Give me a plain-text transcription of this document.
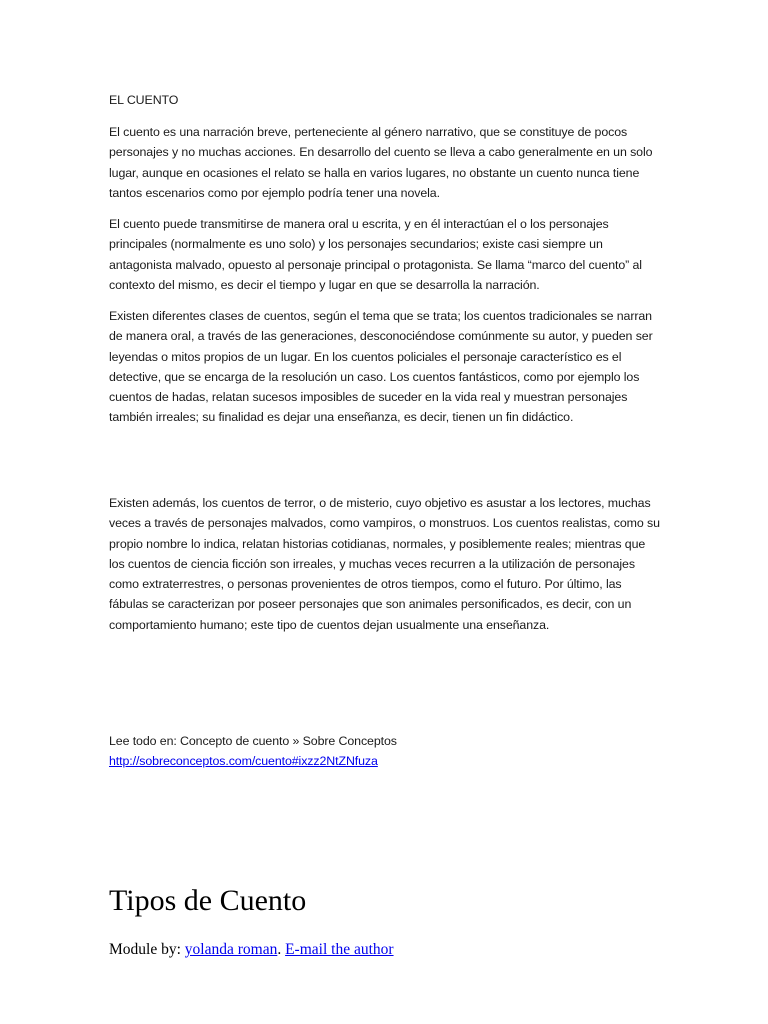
EL CUENTO

El cuento es una narración breve, perteneciente al género narrativo, que se constituye de pocos personajes y no muchas acciones. En desarrollo del cuento se lleva a cabo generalmente en un solo lugar, aunque en ocasiones el relato se halla en varios lugares, no obstante un cuento nunca tiene tantos escenarios como por ejemplo podría tener una novela.

El cuento puede transmitirse de manera oral u escrita, y en él interactúan el o los personajes principales (normalmente es uno solo) y los personajes secundarios; existe casi siempre un antagonista malvado, opuesto al personaje principal o protagonista. Se llama “marco del cuento” al contexto del mismo, es decir el tiempo y lugar en que se desarrolla la narración.

Existen diferentes clases de cuentos, según el tema que se trata; los cuentos tradicionales se narran de manera oral, a través de las generaciones, desconociéndose comúnmente su autor, y pueden ser leyendas o mitos propios de un lugar. En los cuentos policiales el personaje característico es el detective, que se encarga de la resolución un caso. Los cuentos fantásticos, como por ejemplo los cuentos de hadas, relatan sucesos imposibles de suceder en la vida real y muestran personajes también irreales; su finalidad es dejar una enseñanza, es decir, tienen un fin didáctico.

Existen además, los cuentos de terror, o de misterio, cuyo objetivo es asustar a los lectores, muchas veces a través de personajes malvados, como vampiros, o monstruos. Los cuentos realistas, como su propio nombre lo indica, relatan historias cotidianas, normales, y posiblemente reales; mientras que los cuentos de ciencia ficción son irreales, y muchas veces recurren a la utilización de personajes como extraterrestres, o personas provenientes de otros tiempos, como el futuro. Por último, las fábulas se caracterizan por poseer personajes que son animales personificados, es decir, con un comportamiento humano; este tipo de cuentos dejan usualmente una enseñanza.

Lee todo en: Concepto de cuento » Sobre Conceptos

http://sobreconceptos.com/cuento#ixzz2NtZNfuza

Tipos de Cuento

Module by: yolanda roman. E-mail the author
